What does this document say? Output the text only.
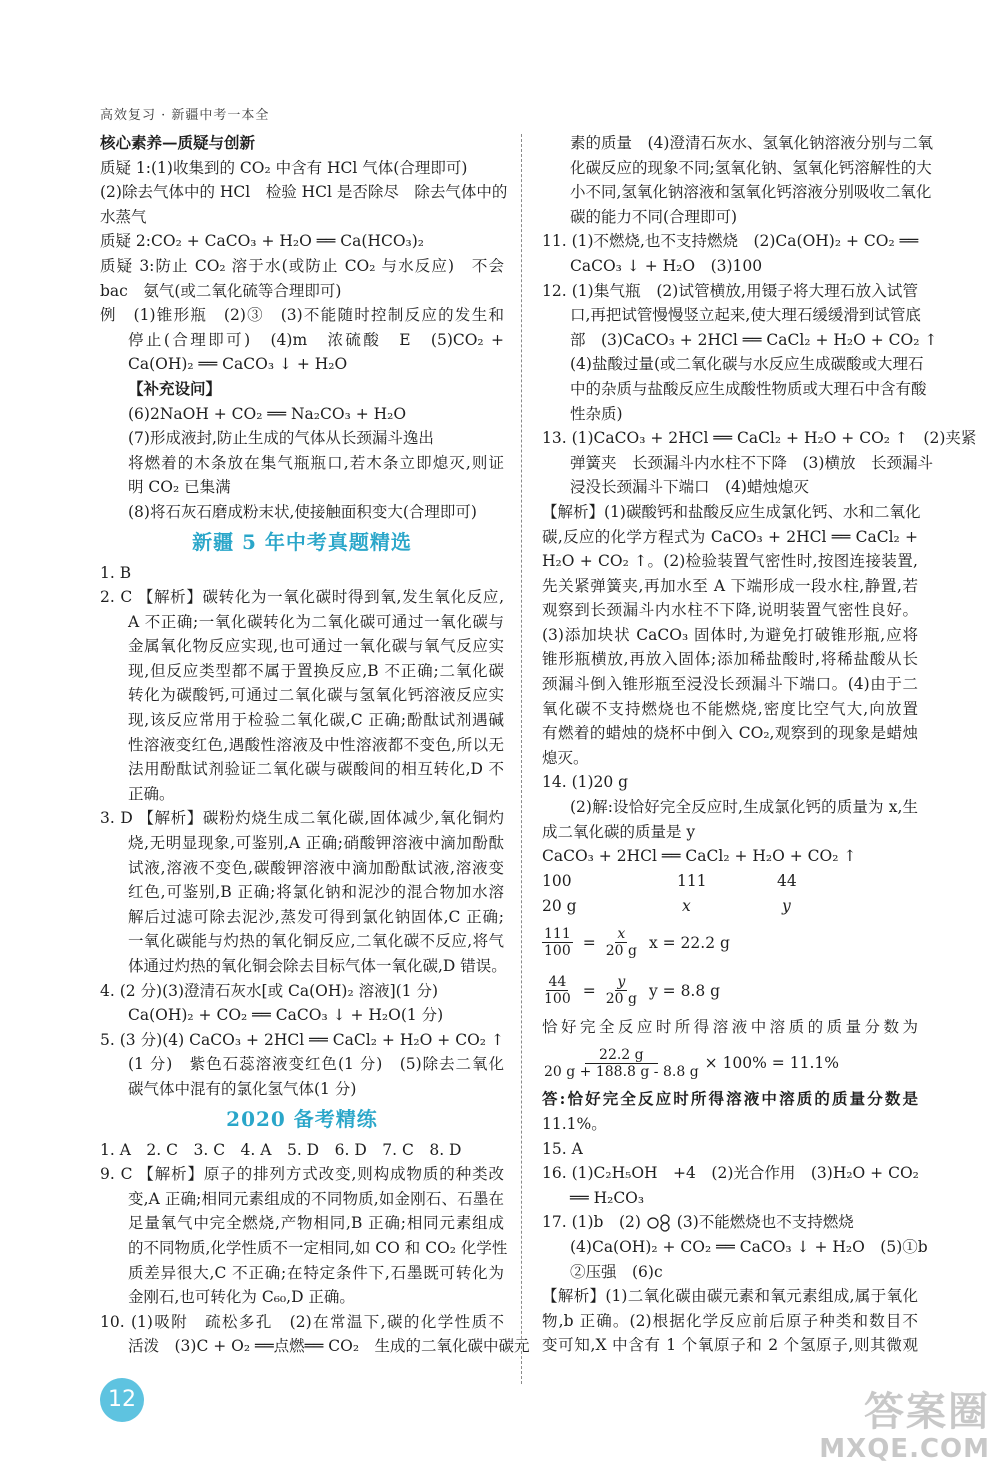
高效复习 · 新疆中考一本全
核心素养—质疑与创新
质疑 1:(1)收集到的 CO₂ 中含有 HCl 气体(合理即可)
(2)除去气体中的 HCl　检验 HCl 是否除尽　除去气体中的
水蒸气
质疑 2:CO₂ + CaCO₃ + H₂O ══ Ca(HCO₃)₂
质疑 3:防止 CO₂ 溶于水(或防止 CO₂ 与水反应)　不会
bac　氨气(或二氧化硫等合理即可)
例　(1)锥形瓶　(2)③　(3)不能随时控制反应的发生和
停止(合理即可)　(4)m　浓硫酸　E　(5)CO₂ +
Ca(OH)₂ ══ CaCO₃ ↓ + H₂O
【补充设问】
(6)2NaOH + CO₂ ══ Na₂CO₃ + H₂O
(7)形成液封,防止生成的气体从长颈漏斗逸出
将燃着的木条放在集气瓶瓶口,若木条立即熄灭,则证
明 CO₂ 已集满
(8)将石灰石磨成粉末状,使接触面积变大(合理即可)
新疆 5 年中考真题精选
1. B
2. C 【解析】碳转化为一氧化碳时得到氧,发生氧化反应,
A 不正确;一氧化碳转化为二氧化碳可通过一氧化碳与
金属氧化物反应实现,也可通过一氧化碳与氧气反应实
现,但反应类型都不属于置换反应,B 不正确;二氧化碳
转化为碳酸钙,可通过二氧化碳与氢氧化钙溶液反应实
现,该反应常用于检验二氧化碳,C 正确;酚酞试剂遇碱
性溶液变红色,遇酸性溶液及中性溶液都不变色,所以无
法用酚酞试剂验证二氧化碳与碳酸间的相互转化,D 不
正确。
3. D 【解析】碳粉灼烧生成二氧化碳,固体减少,氧化铜灼
烧,无明显现象,可鉴别,A 正确;硝酸钾溶液中滴加酚酞
试液,溶液不变色,碳酸钾溶液中滴加酚酞试液,溶液变
红色,可鉴别,B 正确;将氯化钠和泥沙的混合物加水溶
解后过滤可除去泥沙,蒸发可得到氯化钠固体,C 正确;
一氧化碳能与灼热的氧化铜反应,二氧化碳不反应,将气
体通过灼热的氧化铜会除去目标气体一氧化碳,D 错误。
4. (2 分)(3)澄清石灰水[或 Ca(OH)₂ 溶液](1 分)
Ca(OH)₂ + CO₂ ══ CaCO₃ ↓ + H₂O(1 分)
5. (3 分)(4) CaCO₃ + 2HCl ══ CaCl₂ + H₂O + CO₂ ↑
(1 分)　紫色石蕊溶液变红色(1 分)　(5)除去二氧化
碳气体中混有的氯化氢气体(1 分)
2020 备考精练
1. A　2. C　3. C　4. A　5. D　6. D　7. C　8. D
9. C 【解析】原子的排列方式改变,则构成物质的种类改
变,A 正确;相同元素组成的不同物质,如金刚石、石墨在
足量氧气中完全燃烧,产物相同,B 正确;相同元素组成
的不同物质,化学性质不一定相同,如 CO 和 CO₂ 化学性
质差异很大,C 不正确;在特定条件下,石墨既可转化为
金刚石,也可转化为 C₆₀,D 正确。
10. (1)吸附　疏松多孔　(2)在常温下,碳的化学性质不
活泼　(3)C + O₂ ══点燃══ CO₂　生成的二氧化碳中碳元
素的质量　(4)澄清石灰水、氢氧化钠溶液分别与二氧
化碳反应的现象不同;氢氧化钠、氢氧化钙溶解性的大
小不同,氢氧化钠溶液和氢氧化钙溶液分别吸收二氧化
碳的能力不同(合理即可)
11. (1)不燃烧,也不支持燃烧　(2)Ca(OH)₂ + CO₂ ══
CaCO₃ ↓ + H₂O　(3)100
12. (1)集气瓶　(2)试管横放,用镊子将大理石放入试管
口,再把试管慢慢竖立起来,使大理石缓缓滑到试管底
部　(3)CaCO₃ + 2HCl ══ CaCl₂ + H₂O + CO₂ ↑
(4)盐酸过量(或二氧化碳与水反应生成碳酸或大理石
中的杂质与盐酸反应生成酸性物质或大理石中含有酸
性杂质)
13. (1)CaCO₃ + 2HCl ══ CaCl₂ + H₂O + CO₂ ↑　(2)夹紧
弹簧夹　长颈漏斗内水柱不下降　(3)横放　长颈漏斗
浸没长颈漏斗下端口　(4)蜡烛熄灭
【解析】(1)碳酸钙和盐酸反应生成氯化钙、水和二氧化
碳,反应的化学方程式为 CaCO₃ + 2HCl ══ CaCl₂ +
H₂O + CO₂ ↑。(2)检验装置气密性时,按图连接装置,
先关紧弹簧夹,再加水至 A 下端形成一段水柱,静置,若
观察到长颈漏斗内水柱不下降,说明装置气密性良好。
(3)添加块状 CaCO₃ 固体时,为避免打破锥形瓶,应将
锥形瓶横放,再放入固体;添加稀盐酸时,将稀盐酸从长
颈漏斗倒入锥形瓶至浸没长颈漏斗下端口。(4)由于二
氧化碳不支持燃烧也不能燃烧,密度比空气大,向放置
有燃着的蜡烛的烧杯中倒入 CO₂,观察到的现象是蜡烛
熄灭。
14. (1)20 g
(2)解:设恰好完全反应时,生成氯化钙的质量为 x,生
成二氧化碳的质量是 y
CaCO₃ + 2HCl ══ CaCl₂ + H₂O + CO₂ ↑
100	111	44
20 g	x	y
$\frac{111}{100} = \frac{x}{20 g}$ x = 22.2 g
$\frac{44}{100} = \frac{y}{20 g}$ y = 8.8 g
恰好完全反应时所得溶液中溶质的质量分数为
$\frac{22.2 g}{20 g + 188.8 g - 8.8 g} \times 100\% = 11.1\%$
答:恰好完全反应时所得溶液中溶质的质量分数是
11.1%。
15. A
16. (1)C₂H₅OH　+4　(2)光合作用　(3)H₂O + CO₂
══ H₂CO₃
17. (1)b　(2) (3)不能燃烧也不支持燃烧
(4)Ca(OH)₂ + CO₂ ══ CaCO₃ ↓ + H₂O　(5)①b
②压强　(6)c
【解析】(1)二氧化碳由碳元素和氧元素组成,属于氧化
物,b 正确。(2)根据化学反应前后原子种类和数目不
变可知,X 中含有 1 个氧原子和 2 个氢原子,则其微观
12	答案圈
MXQE.COM
